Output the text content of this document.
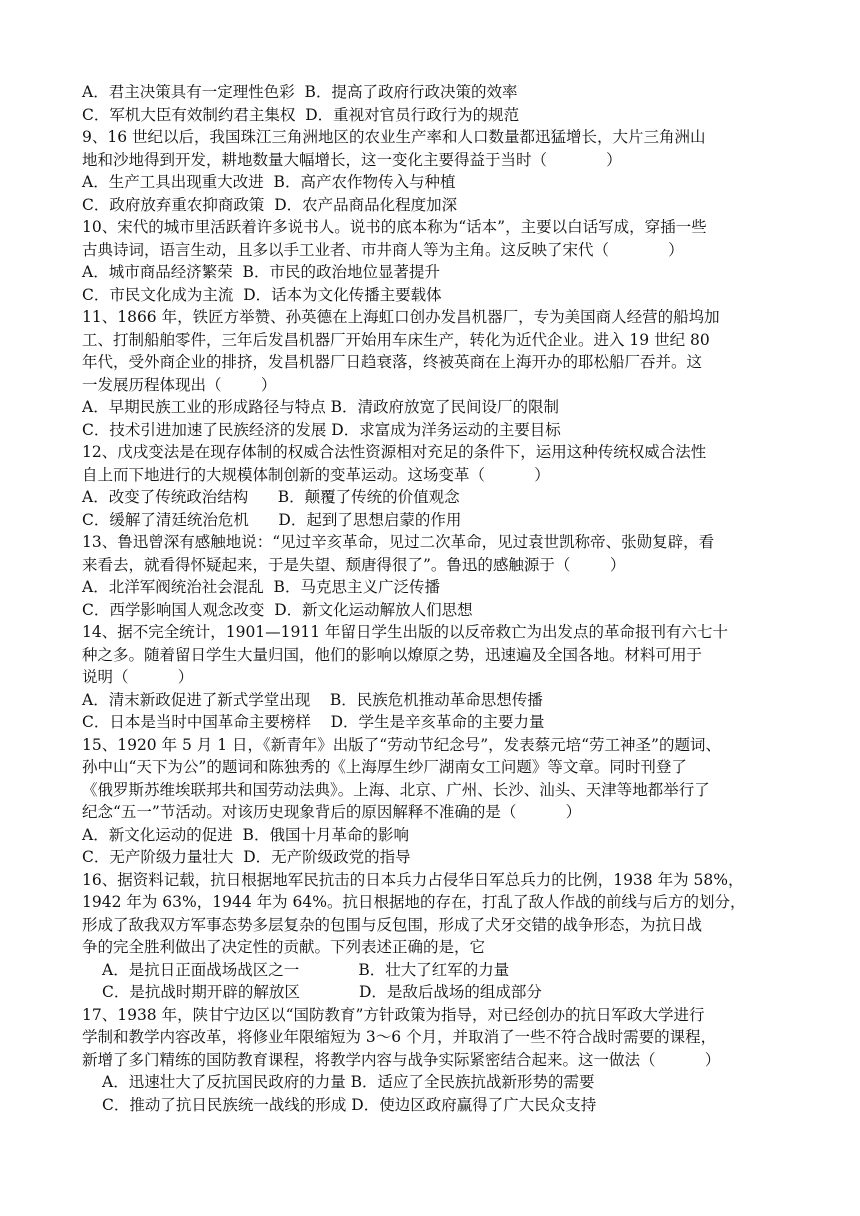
A．君主决策具有一定理性色彩  B．提高了政府行政决策的效率
C．军机大臣有效制约君主集权  D．重视对官员行政行为的规范
9、16 世纪以后，我国珠江三角洲地区的农业生产率和人口数量都迅猛增长，大片三角洲山
地和沙地得到开发，耕地数量大幅增长，这一变化主要得益于当时（            ）
A．生产工具出现重大改进  B．高产农作物传入与种植
C．政府放弃重农抑商政策  D．农产品商品化程度加深
10、宋代的城市里活跃着许多说书人。说书的底本称为“话本”，主要以白话写成，穿插一些
古典诗词，语言生动，且多以手工业者、市井商人等为主角。这反映了宋代（            ）
A．城市商品经济繁荣  B．市民的政治地位显著提升
C．市民文化成为主流  D．话本为文化传播主要载体
11、1866 年，铁匠方举赞、孙英德在上海虹口创办发昌机器厂，专为美国商人经营的船坞加
工、打制船舶零件，三年后发昌机器厂开始用车床生产，转化为近代企业。进入 19 世纪 80
年代，受外商企业的排挤，发昌机器厂日趋衰落，终被英商在上海开办的耶松船厂吞并。这
一发展历程体现出（        ）
A．早期民族工业的形成路径与特点 B．清政府放宽了民间设厂的限制
C．技术引进加速了民族经济的发展 D．求富成为洋务运动的主要目标
12、戊戌变法是在现存体制的权威合法性资源相对充足的条件下，运用这种传统权威合法性
自上而下地进行的大规模体制创新的变革运动。这场变革（          ）
A．改变了传统政治结构      B．颠覆了传统的价值观念
C．缓解了清廷统治危机      D．起到了思想启蒙的作用
13、鲁迅曾深有感触地说：“见过辛亥革命，见过二次革命，见过袁世凯称帝、张勋复辟，看
来看去，就看得怀疑起来，于是失望、颓唐得很了”。鲁迅的感触源于（        ）
A．北洋军阀统治社会混乱  B．马克思主义广泛传播
C．西学影响国人观念改变  D．新文化运动解放人们思想
14、据不完全统计，1901—1911 年留日学生出版的以反帝救亡为出发点的革命报刊有六七十
种之多。随着留日学生大量归国，他们的影响以燎原之势，迅速遍及全国各地。材料可用于
说明（          ）
A．清末新政促进了新式学堂出现    B．民族危机推动革命思想传播
C．日本是当时中国革命主要榜样    D．学生是辛亥革命的主要力量
15、1920 年 5 月 1 日，《新青年》出版了“劳动节纪念号”，发表蔡元培“劳工神圣”的题词、
孙中山“天下为公”的题词和陈独秀的《上海厚生纱厂湖南女工问题》等文章。同时刊登了
《俄罗斯苏维埃联邦共和国劳动法典》。上海、北京、广州、长沙、汕头、天津等地都举行了
纪念“五一”节活动。对该历史现象背后的原因解释不准确的是（          ）
A．新文化运动的促进  B．俄国十月革命的影响
C．无产阶级力量壮大  D．无产阶级政党的指导
16、据资料记载，抗日根据地军民抗击的日本兵力占侵华日军总兵力的比例，1938 年为 58%，
1942 年为 63%，1944 年为 64%。抗日根据地的存在，打乱了敌人作战的前线与后方的划分，
形成了敌我双方军事态势多层复杂的包围与反包围，形成了犬牙交错的战争形态，为抗日战
争的完全胜利做出了决定性的贡献。下列表述正确的是，它
A．是抗日正面战场战区之一            B．壮大了红军的力量
C．是抗战时期开辟的解放区            D．是敌后战场的组成部分
17、1938 年，陕甘宁边区以“国防教育”方针政策为指导，对已经创办的抗日军政大学进行
学制和教学内容改革，将修业年限缩短为 3～6 个月，并取消了一些不符合战时需要的课程，
新增了多门精练的国防教育课程，将教学内容与战争实际紧密结合起来。这一做法（          ）
A．迅速壮大了反抗国民政府的力量 B．适应了全民族抗战新形势的需要
C．推动了抗日民族统一战线的形成 D．使边区政府赢得了广大民众支持
